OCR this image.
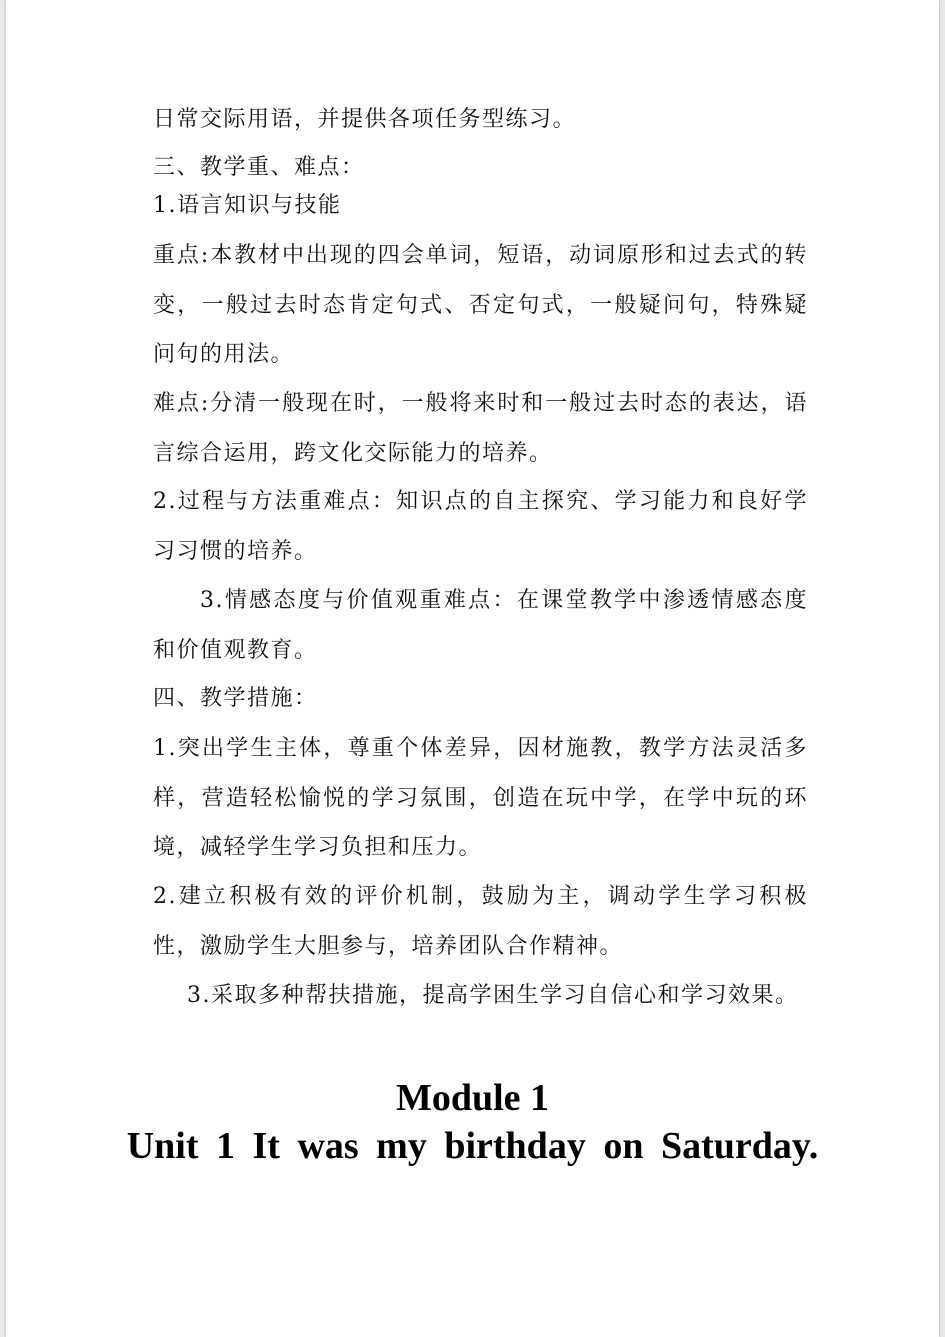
日常交际用语，并提供各项任务型练习。

三、教学重、难点：

1.语言知识与技能

重点:本教材中出现的四会单词，短语，动词原形和过去式的转变，一般过去时态肯定句式、否定句式，一般疑问句，特殊疑问句的用法。

难点:分清一般现在时，一般将来时和一般过去时态的表达，语言综合运用，跨文化交际能力的培养。

2.过程与方法重难点：知识点的自主探究、学习能力和良好学习习惯的培养。

3.情感态度与价值观重难点：在课堂教学中渗透情感态度和价值观教育。

四、教学措施：

1.突出学生主体，尊重个体差异，因材施教，教学方法灵活多样，营造轻松愉悦的学习氛围，创造在玩中学，在学中玩的环境，减轻学生学习负担和压力。

2.建立积极有效的评价机制，鼓励为主，调动学生学习积极性，激励学生大胆参与，培养团队合作精神。

3.采取多种帮扶措施，提高学困生学习自信心和学习效果。

Module 1
Unit 1 It was my birthday on Saturday.
